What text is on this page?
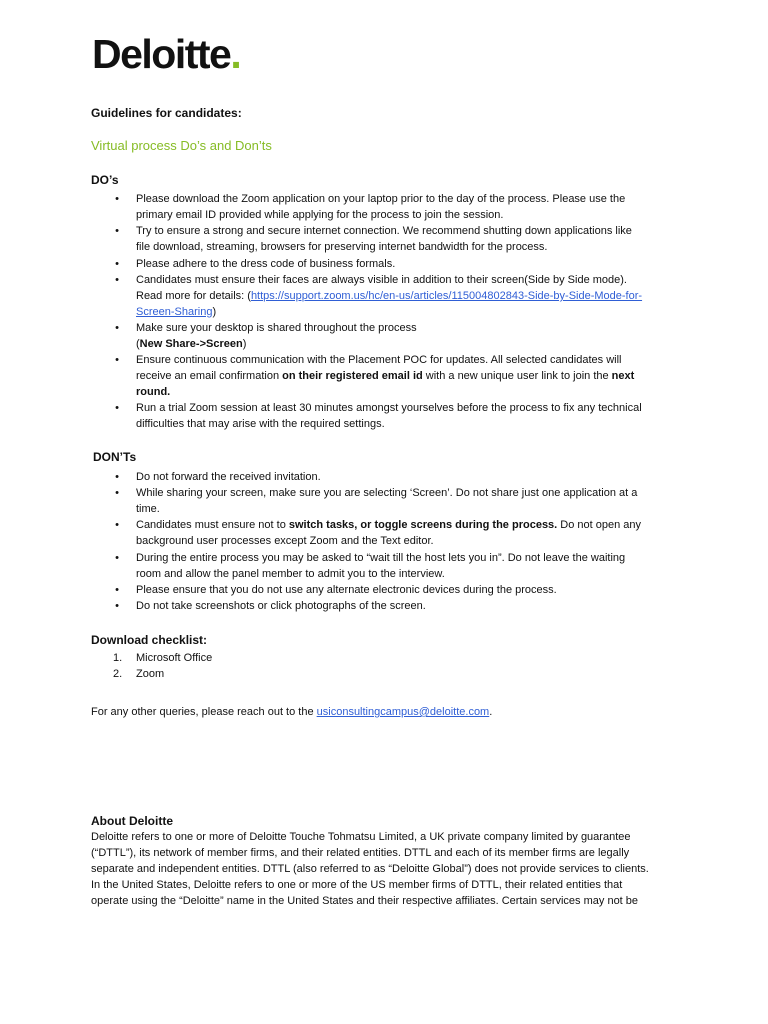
Deloitte.
Guidelines for candidates:
Virtual process Do’s and Don’ts
DO’s
•	Please download the Zoom application on your laptop prior to the day of the process. Please use the
primary email ID provided while applying for the process to join the session.
•	Try to ensure a strong and secure internet connection. We recommend shutting down applications like
file download, streaming, browsers for preserving internet bandwidth for the process.
•	Please adhere to the dress code of business formals.
•	Candidates must ensure their faces are always visible in addition to their screen(Side by Side mode).
Read more for details: (https://support.zoom.us/hc/en-us/articles/115004802843-Side-by-Side-Mode-for-
Screen-Sharing)
•	Make sure your desktop is shared throughout the process
(New Share->Screen)
•	Ensure continuous communication with the Placement POC for updates. All selected candidates will
receive an email confirmation on their registered email id with a new unique user link to join the next
round.
•	Run a trial Zoom session at least 30 minutes amongst yourselves before the process to fix any technical
difficulties that may arise with the required settings.
DON’Ts
•	Do not forward the received invitation.
•	While sharing your screen, make sure you are selecting ‘Screen’. Do not share just one application at a
time.
•	Candidates must ensure not to switch tasks, or toggle screens during the process. Do not open any
background user processes except Zoom and the Text editor.
•	During the entire process you may be asked to “wait till the host lets you in”. Do not leave the waiting
room and allow the panel member to admit you to the interview.
•	Please ensure that you do not use any alternate electronic devices during the process.
•	Do not take screenshots or click photographs of the screen.
Download checklist:
1. Microsoft Office
2. Zoom
For any other queries, please reach out to the usiconsultingcampus@deloitte.com.
About Deloitte
Deloitte refers to one or more of Deloitte Touche Tohmatsu Limited, a UK private company limited by guarantee
(“DTTL”), its network of member firms, and their related entities. DTTL and each of its member firms are legally
separate and independent entities. DTTL (also referred to as “Deloitte Global”) does not provide services to clients.
In the United States, Deloitte refers to one or more of the US member firms of DTTL, their related entities that
operate using the “Deloitte” name in the United States and their respective affiliates. Certain services may not be
